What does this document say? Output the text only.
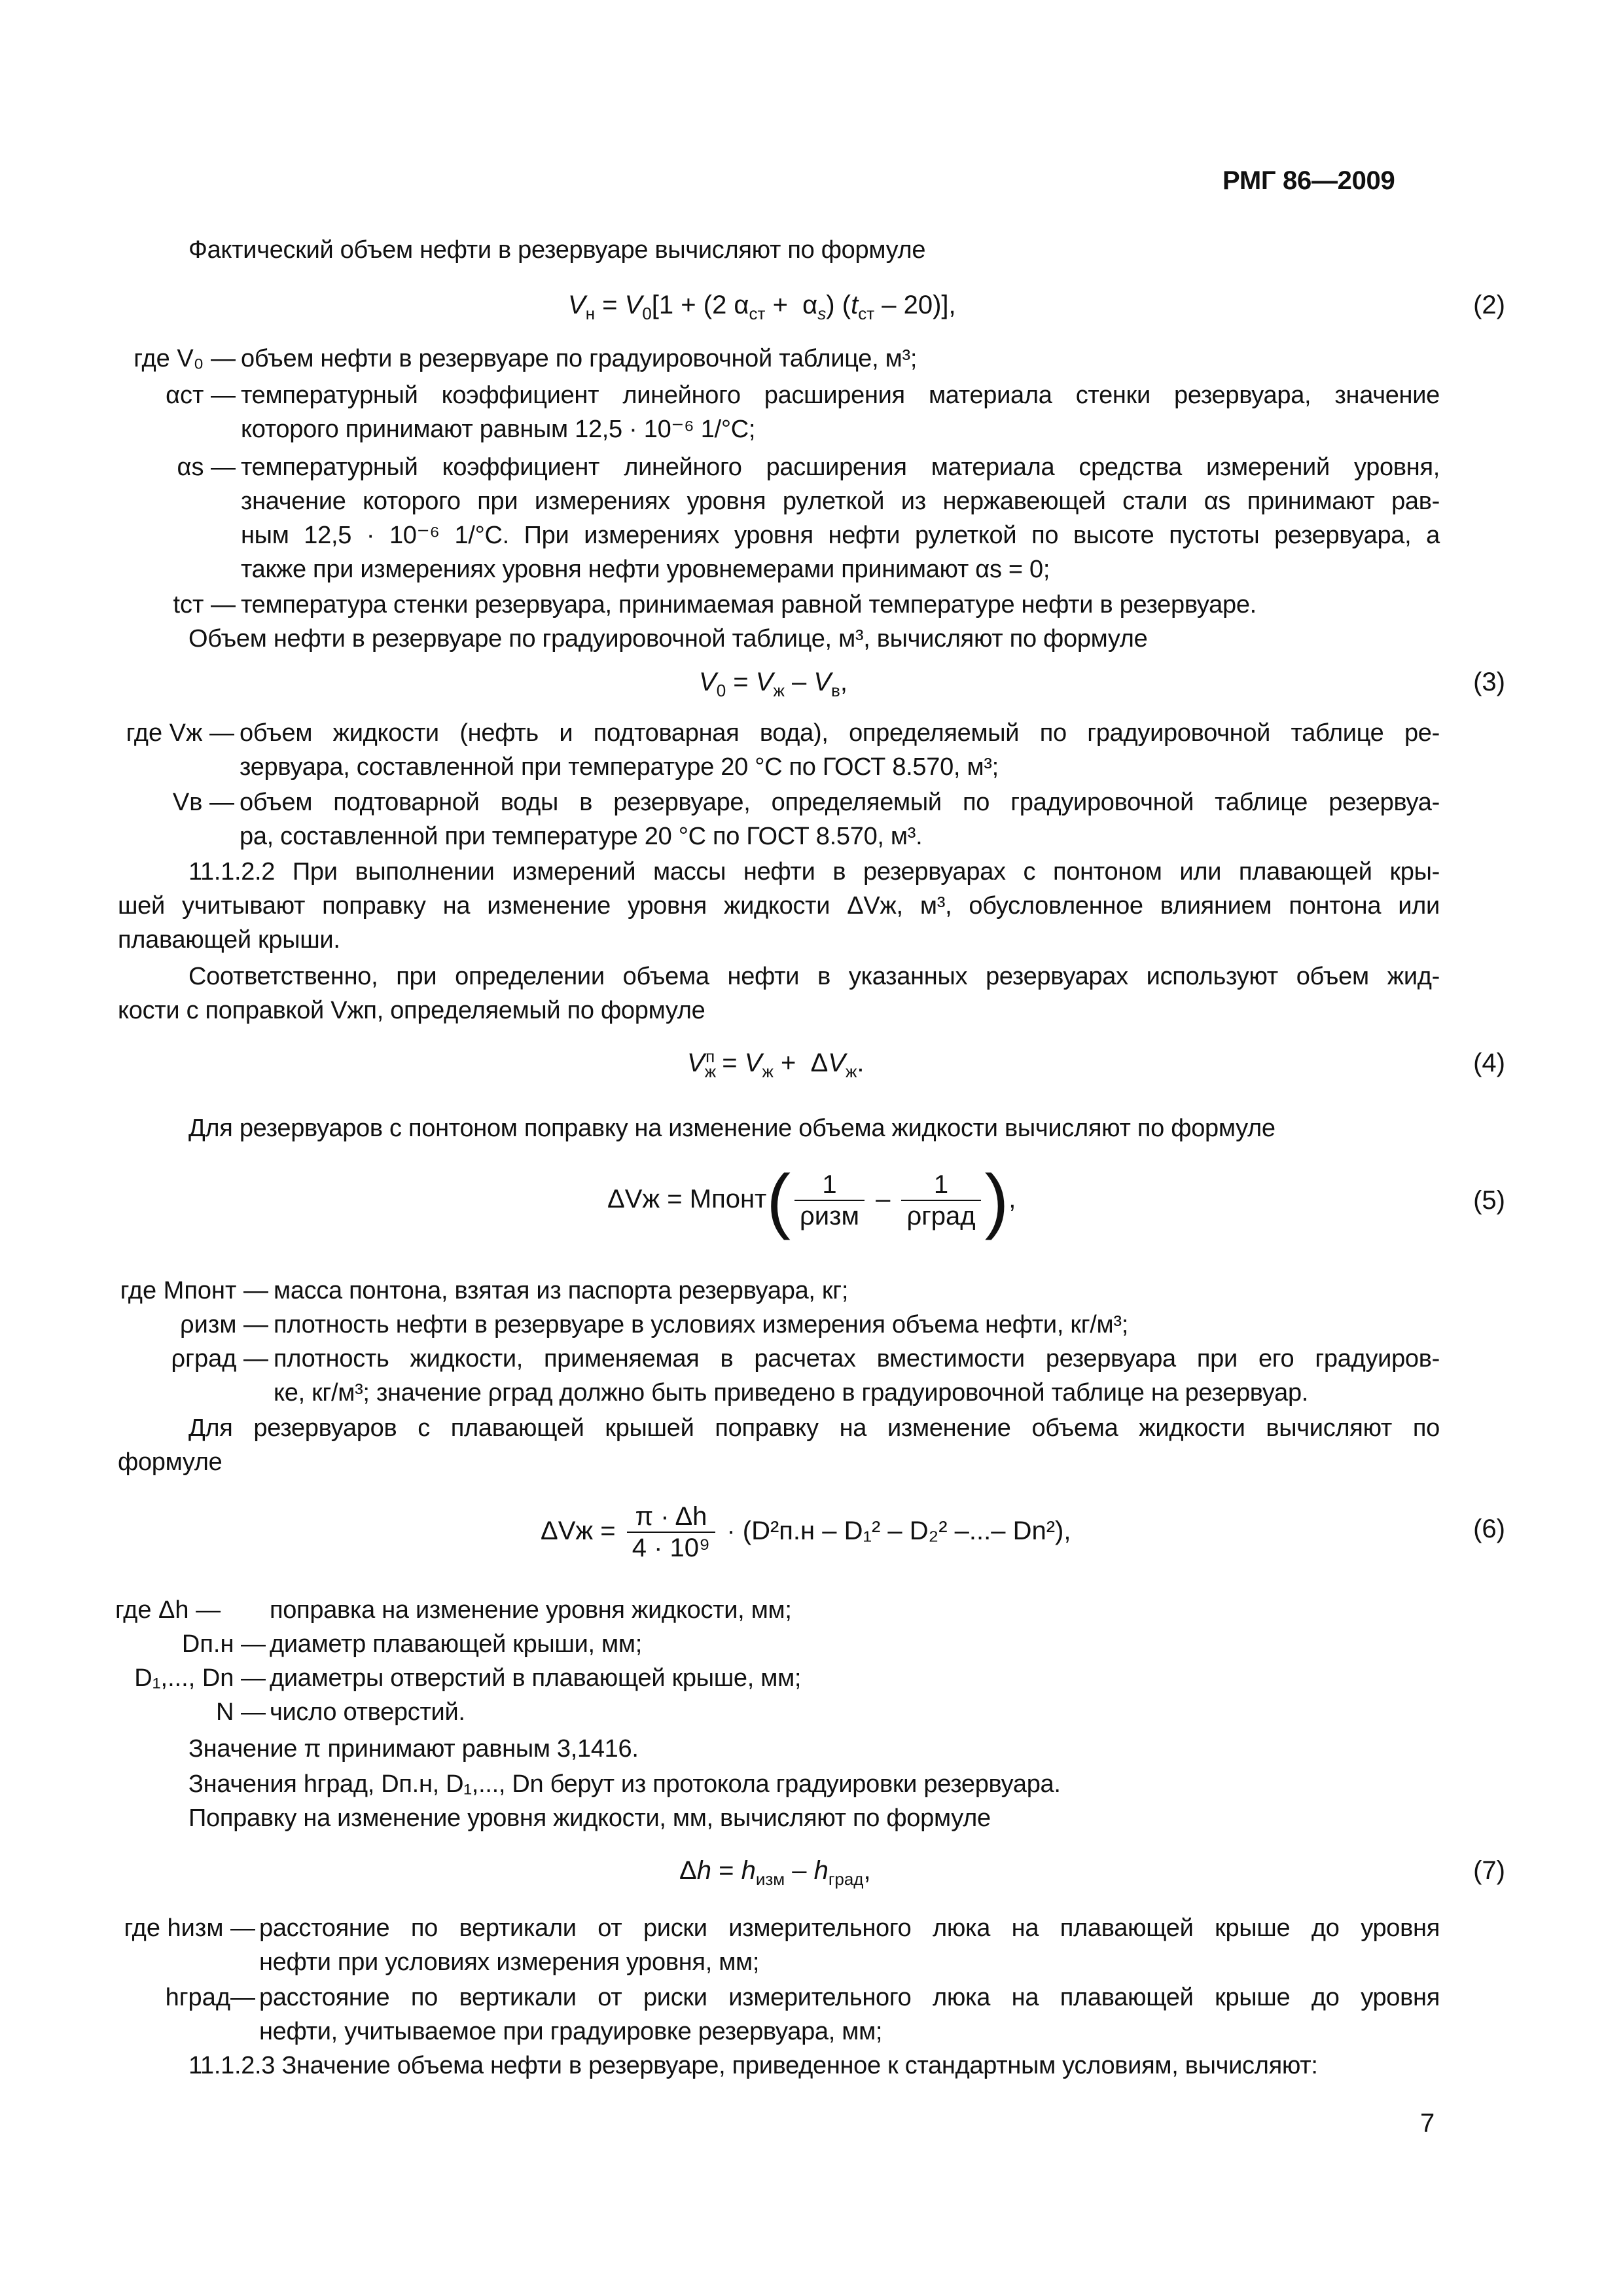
РМГ 86—2009
Фактический объем нефти в резервуаре вычисляют по формуле
$V_н = V_0[1 + (2$ $\alpha_{ст} + \alpha_s$) $(t_{ст} - 20)$],	(2)
где V₀ — объем нефти в резервуаре по градуировочной таблице, м³;
αст — температурный коэффициент линейного расширения материала стенки резервуара, значение
которого принимают равным 12,5 · 10⁻⁶ 1/°С;
αs — температурный коэффициент линейного расширения материала средства измерений уровня,
значение которого при измерениях уровня рулеткой из нержавеющей стали αs принимают рав-
ным 12,5 · 10⁻⁶ 1/°С. При измерениях уровня нефти рулеткой по высоте пустоты резервуара, а
также при измерениях уровня нефти уровнемерами принимают αs = 0;
tст — температура стенки резервуара, принимаемая равной температуре нефти в резервуаре.
Объем нефти в резервуаре по градуировочной таблице, м³, вычисляют по формуле
$V_0 = V_ж - V_в$,	(3)
где Vж — объем жидкости (нефть и подтоварная вода), определяемый по градуировочной таблице ре-
зервуара, составленной при температуре 20 °С по ГОСТ 8.570, м³;
Vв — объем подтоварной воды в резервуаре, определяемый по градуировочной таблице резервуа-
ра, составленной при температуре 20 °С по ГОСТ 8.570, м³.
11.1.2.2 При выполнении измерений массы нефти в резервуарах с понтоном или плавающей кры-
шей учитывают поправку на изменение уровня жидкости ΔVж, м³, обусловленное влиянием понтона или
плавающей крыши.
Соответственно, при определении объема нефти в указанных резервуарах используют объем жид-
кости с поправкой Vжп, определяемый по формуле
$V_ж^п = V_ж + \Delta V_ж$.	(4)
Для резервуаров с понтоном поправку на изменение объема жидкости вычисляют по формуле
ΔVж = Mпонт( $\frac{1}{\text{ρизм}} - \frac{1}{\text{ρград}}$ ),	(5)
где Mпонт — масса понтона, взятая из паспорта резервуара, кг;
ρизм — плотность нефти в резервуаре в условиях измерения объема нефти, кг/м³;
ρград — плотность жидкости, применяемая в расчетах вместимости резервуара при его градуиров-
ке, кг/м³; значение ρград должно быть приведено в градуировочной таблице на резервуар.
Для резервуаров с плавающей крышей поправку на изменение объема жидкости вычисляют по
формуле
$\Delta Vж = \frac{\pi \cdot \Delta h}{\text{4 · 10⁹}} \cdot (D^2п.н - D_1^2 - D_2^2$ –...– Dn²),	(6)
где Δh —	поправка на изменение уровня жидкости, мм;
Dп.н — диаметр плавающей крыши, мм;
D₁,..., Dn — диаметры отверстий в плавающей крыше, мм;
N — число отверстий.
Значение π принимают равным 3,1416.
Значения hград, Dп.н, D₁,..., Dn берут из протокола градуировки резервуара.
Поправку на изменение уровня жидкости, мм, вычисляют по формуле
$\Delta h = h_{изм} - h_{град}$,	(7)
где hизм — расстояние по вертикали от риски измерительного люка на плавающей крыше до уровня
нефти при условиях измерения уровня, мм;
hград— расстояние по вертикали от риски измерительного люка на плавающей крыше до уровня
нефти, учитываемое при градуировке резервуара, мм;
11.1.2.3 Значение объема нефти в резервуаре, приведенное к стандартным условиям, вычисляют:
7
